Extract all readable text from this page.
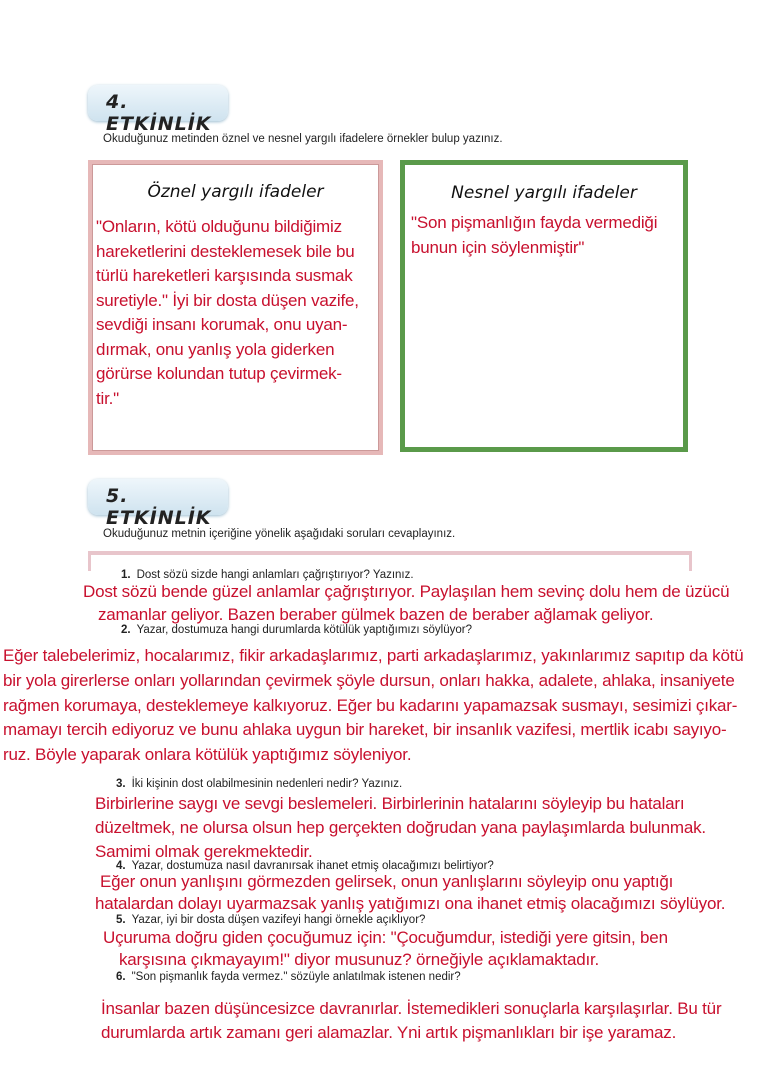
4. ETKİNLİK
Okuduğunuz metinden öznel ve nesnel yargılı ifadelere örnekler bulup yazınız.
Öznel yargılı ifadeler	Nesnel yargılı ifadeler
"Onların, kötü olduğunu bildiğimiz
hareketlerini desteklemesek bile bu
türlü hareketleri karşısında susmak
suretiyle." İyi bir dosta düşen vazife,
sevdiği insanı korumak, onu uyan-
dırmak, onu yanlış yola giderken
görürse kolundan tutup çevirmek-
tir."
"Son pişmanlığın fayda vermediği
bunun için söylenmiştir"
5. ETKİNLİK
Okuduğunuz metnin içeriğine yönelik aşağıdaki soruları cevaplayınız.
1. Dost sözü sizde hangi anlamları çağrıştırıyor? Yazınız.
Dost sözü bende güzel anlamlar çağrıştırıyor. Paylaşılan hem sevinç dolu hem de üzücü
zamanlar geliyor. Bazen beraber gülmek bazen de beraber ağlamak geliyor.
2. Yazar, dostumuza hangi durumlarda kötülük yaptığımızı söylüyor?
Eğer talebelerimiz, hocalarımız, fikir arkadaşlarımız, parti arkadaşlarımız, yakınlarımız sapıtıp da kötü
bir yola girerlerse onları yollarından çevirmek şöyle dursun, onları hakka, adalete, ahlaka, insaniyete
rağmen korumaya, desteklemeye kalkıyoruz. Eğer bu kadarını yapamazsak susmayı, sesimizi çıkar-
mamayı tercih ediyoruz ve bunu ahlaka uygun bir hareket, bir insanlık vazifesi, mertlik icabı sayıyo-
ruz. Böyle yaparak onlara kötülük yaptığımız söyleniyor.
3. İki kişinin dost olabilmesinin nedenleri nedir? Yazınız.
Birbirlerine saygı ve sevgi beslemeleri. Birbirlerinin hatalarını söyleyip bu hataları
düzeltmek, ne olursa olsun hep gerçekten doğrudan yana paylaşımlarda bulunmak.
Samimi olmak gerekmektedir.
4. Yazar, dostumuza nasıl davranırsak ihanet etmiş olacağımızı belirtiyor?
Eğer onun yanlışını görmezden gelirsek, onun yanlışlarını söyleyip onu yaptığı
hatalardan dolayı uyarmazsak yanlış yatığımızı ona ihanet etmiş olacağımızı söylüyor.
5. Yazar, iyi bir dosta düşen vazifeyi hangi örnekle açıklıyor?
Uçuruma doğru giden çocuğumuz için: "Çocuğumdur, istediği yere gitsin, ben
karşısına çıkmayayım!" diyor musunuz? örneğiyle açıklamaktadır.
6. "Son pişmanlık fayda vermez." sözüyle anlatılmak istenen nedir?
İnsanlar bazen düşüncesizce davranırlar. İstemedikleri sonuçlarla karşılaşırlar. Bu tür
durumlarda artık zamanı geri alamazlar. Yni artık pişmanlıkları bir işe yaramaz.
